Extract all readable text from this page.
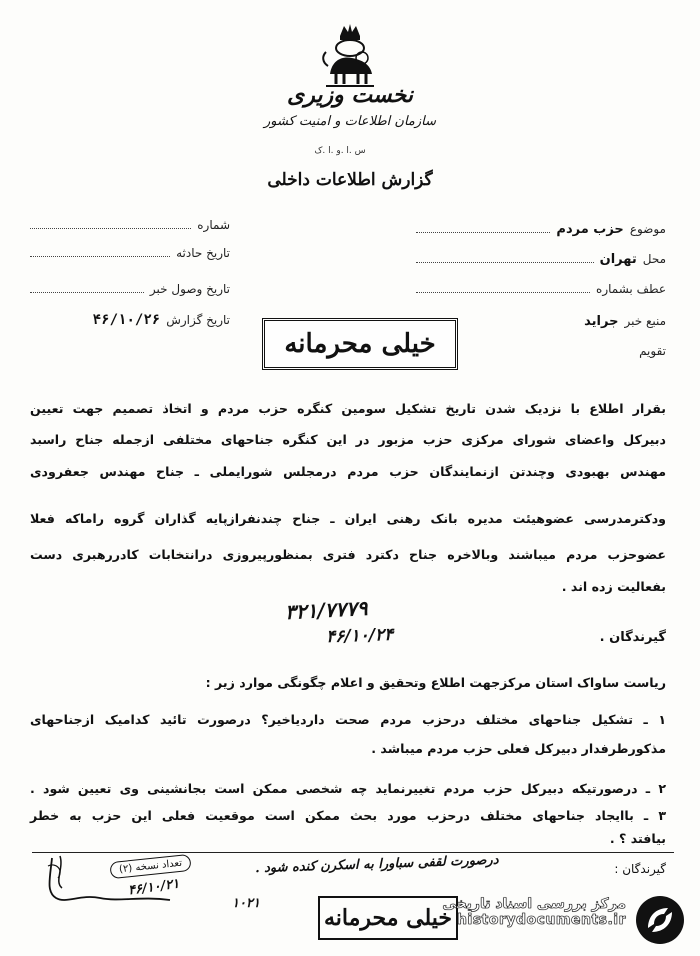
نخست وزیری
سازمان اطلاعات و امنیت کشور
س .ا .و .ا .ک
گزارش اطلاعات داخلی
موضوع
حزب مردم
محل
تهران
عطف بشماره
منبع خبر
جراید
تقویم
شماره
تاریخ حادثه
تاریخ وصول خبر
تاریخ گزارش
۴۶/۱۰/۲۶
خیلی محرمانه
بقرار اطلاع با نزدیک شدن تاریخ تشکیل سومین کنگره حزب مردم و اتخاذ تصمیم جهت تعیین
دبیرکل واعضای شورای مرکزی حزب مزبور در این کنگره جناحهای مختلفی ازجمله جناح راسبد
مهندس بهبودی وچندتن ازنمایندگان حزب مردم درمجلس شورایملی ـ جناح مهندس جعفرودی
ودکترمدرسی عضوهیئت مدیره بانک رهنی ایران ـ جناح چندنفرازپایه گذاران گروه راماکه فعلا
عضوحزب مردم میباشند وبالاخره جناح دکترد فتری بمنظورپیروزی درانتخابات کادررهبری دست
بفعالیت زده اند .
۳۲۱/۷۷۷۹
۴۶/۱۰/۲۴	گیرندگان .
ریاست ساواک استان مرکزجهت اطلاع وتحقیق و اعلام چگونگی موارد زیر :
۱ ـ تشکیل جناحهای مختلف درحزب مردم صحت داردیاخیر؟ درصورت تائید کدامیک ازجناحهای
مذکورطرفدار دبیرکل فعلی حزب مردم میباشد .
۲ ـ درصورتیکه دبیرکل حزب مردم تغییرنماید چه شخصی ممکن است بجانشینی وی تعیین شود .
۳ ـ باایجاد جناحهای مختلف درحزب مورد بحث ممکن است موقعیت فعلی این حزب به خطر
بیافتد ؟ .
گیرندگان :
تعداد نسخه (۲)	درصورت لقفی سباورا به اسکرن کنده شود .
۴۶/۱۰/۲۱
۱۰۲۱
خیلی محرمانه
مرکز بررسی اسناد تاریخی
historydocuments.ir
